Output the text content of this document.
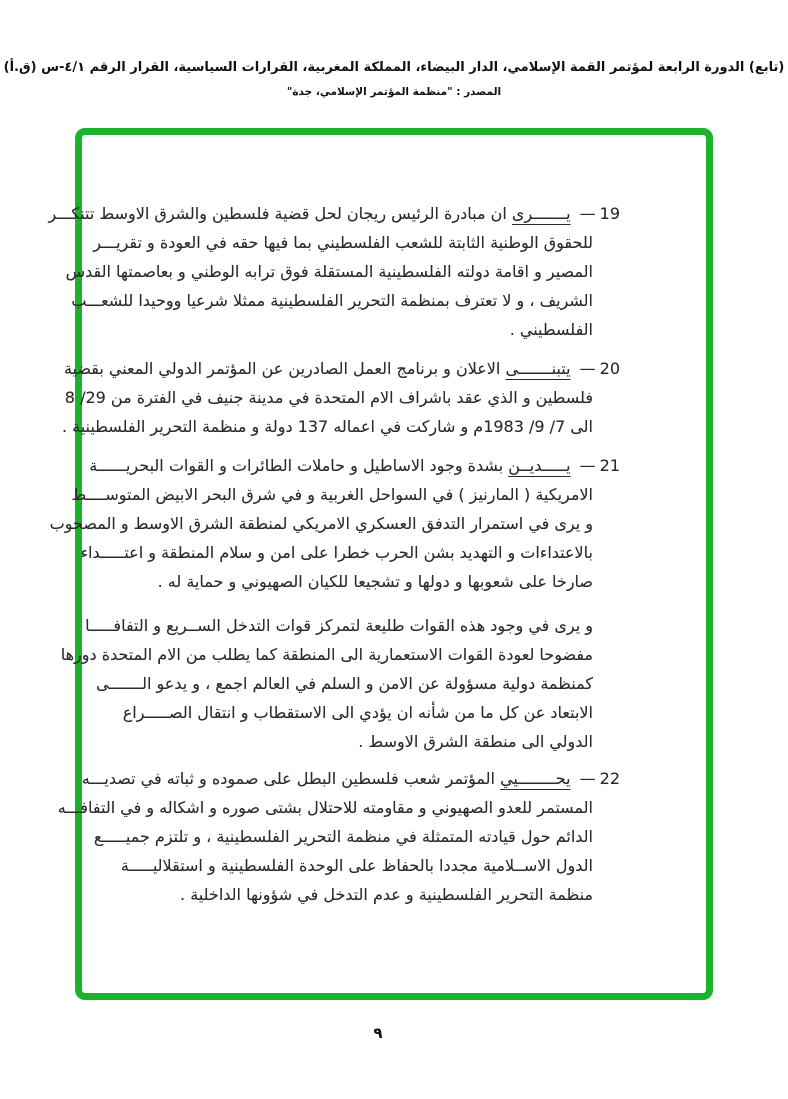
(تابع) الدورة الرابعة لمؤتمر القمة الإسلامي، الدار البيضاء، المملكة المغربية، القرارات السياسية، القرار الرقم ٤/١-س (ق.أ)
المصدر : "منظمة المؤتمر الإسلامي، جدة"
19— يـــــــرى ان مبادرة الرئيس ريجان لحل قضية فلسطين والشرق الاوسط تتنكـــر
للحقوق الوطنية الثابتة للشعب الفلسطيني بما فيها حقه في العودة و تقريـــر
المصير و اقامة دولته الفلسطينية المستقلة فوق ترابه الوطني و بعاصمتها القدس
الشريف ، و لا تعترف بمنظمة التحرير الفلسطينية ممثلا شرعيا ووحيدا للشعـــب
الفلسطيني .
20— يتبنـــــــى الاعلان و برنامج العمل الصادرين عن المؤتمر الدولي المعني بقضية
فلسطين و الذي عقد باشراف الام المتحدة في مدينة جنيف في الفترة من 29/ 8
الى 7/ 9/ 1983م و شاركت في اعماله 137 دولة و منظمة التحرير الفلسطينية .
21— يـــــديــن بشدة وجود الاساطيل و حاملات الطائرات و القوات البحريــــــة
الامريكية ( المارنيز ) في السواحل الغربية و في شرق البحر الابيض المتوســــط
و يرى في استمرار التدفق العسكري الامريكي لمنطقة الشرق الاوسط و المصحوب
بالاعتداءات و التهديد بشن الحرب خطرا على امن و سلام المنطقة و اعتـــــداء
صارخا على شعوبها و دولها و تشجيعا للكيان الصهيوني و حماية له .
و يرى في وجود هذه القوات طليعة لتمركز قوات التدخل الســريع و التفافـــــا
مفضوحا لعودة القوات الاستعمارية الى المنطقة كما يطلب من الام المتحدة دورها
كمنظمة دولية مسؤولة عن الامن و السلم في العالم اجمع ، و يدعو الـــــــى
الابتعاد عن كل ما من شأنه ان يؤدي الى الاستقطاب و انتقال الصـــــراع
الدولي الى منطقة الشرق الاوسط .
22— يحــــــــيي المؤتمر شعب فلسطين البطل على صموده و ثباته في تصديـــه
المستمر للعدو الصهيوني و مقاومته للاحتلال بشتى صوره و اشكاله و في التفافـــه
الدائم حول قيادته المتمثلة في منظمة التحرير الفلسطينية ، و تلتزم جميـــــع
الدول الاســلامية مجددا بالحفاظ على الوحدة الفلسطينية و استقلاليـــــة
منظمة التحرير الفلسطينية و عدم التدخل في شؤونها الداخلية .
٩
